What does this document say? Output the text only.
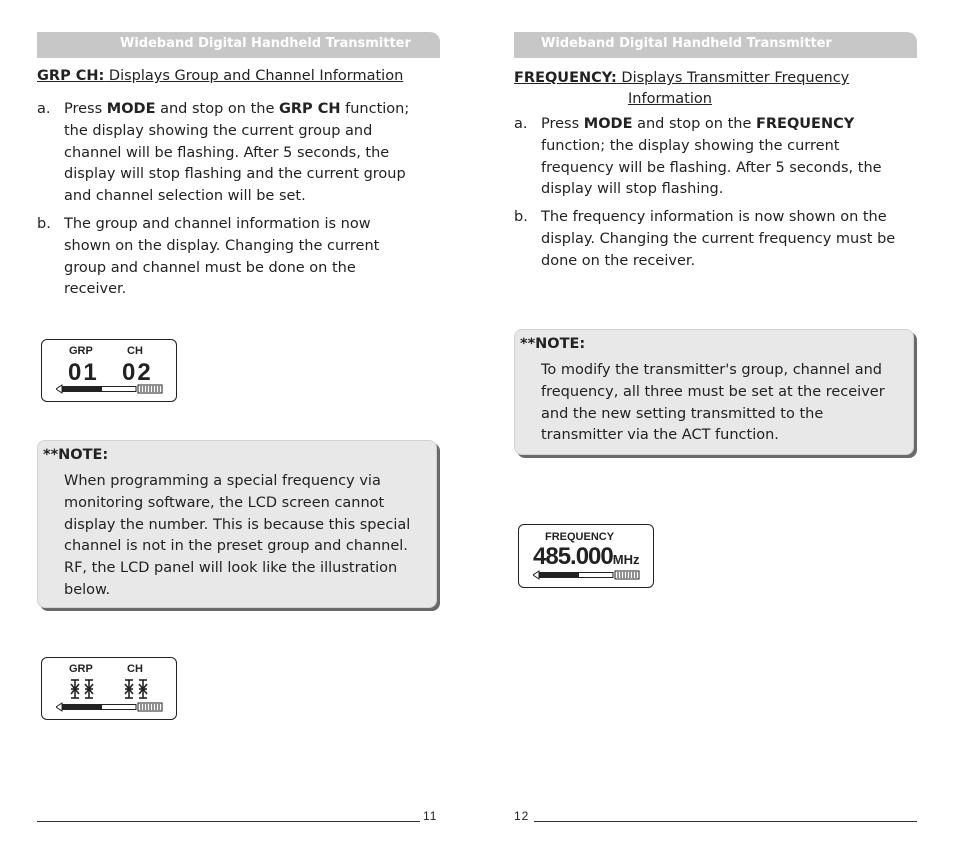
Wideband Digital Handheld Transmitter
GRP CH: Displays Group and Channel Information
a. Press MODE and stop on the GRP CH function;
the display showing the current group and
channel will be flashing. After 5 seconds, the
display will stop flashing and the current group
and channel selection will be set.
b. The group and channel information is now
shown on the display. Changing the current
group and channel must be done on the
receiver.
GRP	CH
01 02
**NOTE:
When programming a special frequency via
monitoring software, the LCD screen cannot
display the number. This is because this special
channel is not in the preset group and channel.
RF, the LCD panel will look like the illustration
below.
GRP	CH
11
Wideband Digital Handheld Transmitter
FREQUENCY: Displays Transmitter Frequency
Information
a. Press MODE and stop on the FREQUENCY
function; the display showing the current
frequency will be flashing. After 5 seconds, the
display will stop flashing.
b. The frequency information is now shown on the
display. Changing the current frequency must be
done on the receiver.
**NOTE:
To modify the transmitter's group, channel and
frequency, all three must be set at the receiver
and the new setting transmitted to the
transmitter via the ACT function.
FREQUENCY
485.000MHz
12
